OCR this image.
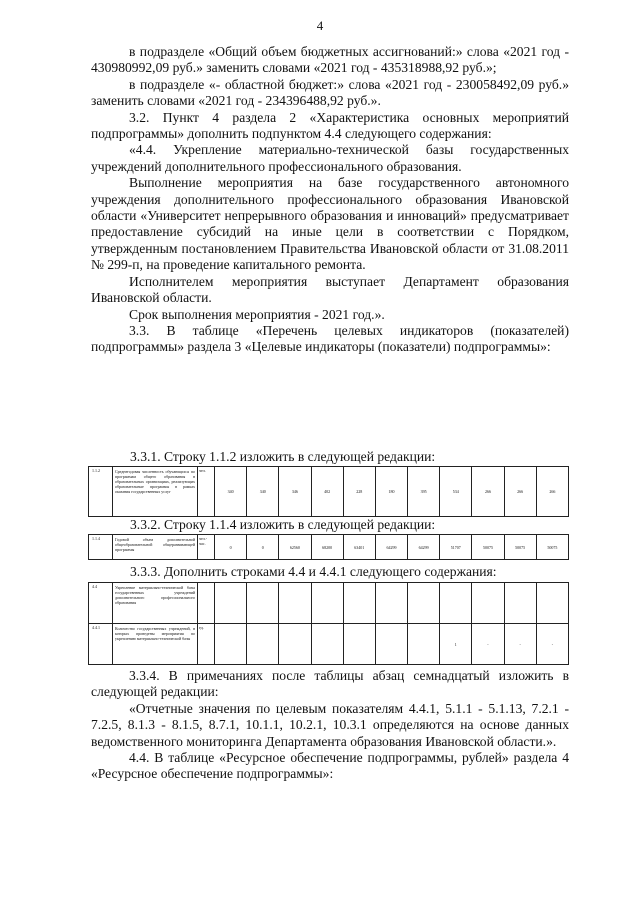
4

в подразделе «Общий объем бюджетных ассигнований:» слова «2021 год - 430980992,09 руб.» заменить словами «2021 год - 435318988,92 руб.»;

в подразделе «- областной бюджет:» слова «2021 год - 230058492,09 руб.» заменить словами «2021 год - 234396488,92 руб.».

3.2. Пункт 4 раздела 2 «Характеристика основных мероприятий подпрограммы» дополнить подпунктом 4.4 следующего содержания:

«4.4. Укрепление материально-технической базы государственных учреждений дополнительного профессионального образования.

Выполнение мероприятия на базе государственного автономного учреждения дополнительного профессионального образования Ивановской области «Университет непрерывного образования и инноваций» предусматривает предоставление субсидий на иные цели в соответствии с Порядком, утвержденным постановлением Правительства Ивановской области от 31.08.2011 № 299-п, на проведение капитального ремонта.

Исполнителем мероприятия выступает Департамент образования Ивановской области.

Срок выполнения мероприятия - 2021 год.».

3.3. В таблице «Перечень целевых индикаторов (показателей) подпрограммы» раздела 3 «Целевые индикаторы (показатели) подпрограммы»:

3.3.1. Строку 1.1.2 изложить в следующей редакции:
1.1.2	Среднегодовая численность обучающихся по программам общего образования в образовательных организациях, реализующих образовательные программы в рамках оказания государственных услуг	чел.	340	340	346	402	228	180	395	534	266	266	266
3.3.2. Строку 1.1.4 изложить в следующей редакции:
1.1.4	Годовой объем дополнительной общеобразовательной общеразвивающей программы	чел.-час.	0	0	62560	68200	63401	64299	64299	51707	50075	50075	50075
3.3.3. Дополнить строками 4.4 и 4.4.1 следующего содержания:
4.4	Укрепление материально-технической базы государственных учреждений дополнительного профессионального образования												
4.4.1	Количество государственных учреждений, в которых проведены мероприятия по укреплению материально-технической базы	ед.								1	-	-	-

3.3.4. В примечаниях после таблицы абзац семнадцатый изложить в следующей редакции:

«Отчетные значения по целевым показателям 4.4.1, 5.1.1 - 5.1.13, 7.2.1 - 7.2.5, 8.1.3 - 8.1.5, 8.7.1, 10.1.1, 10.2.1, 10.3.1 определяются на основе данных ведомственного мониторинга Департамента образования Ивановской области.».

4.4. В таблице «Ресурсное обеспечение подпрограммы, рублей» раздела 4 «Ресурсное обеспечение подпрограммы»:
